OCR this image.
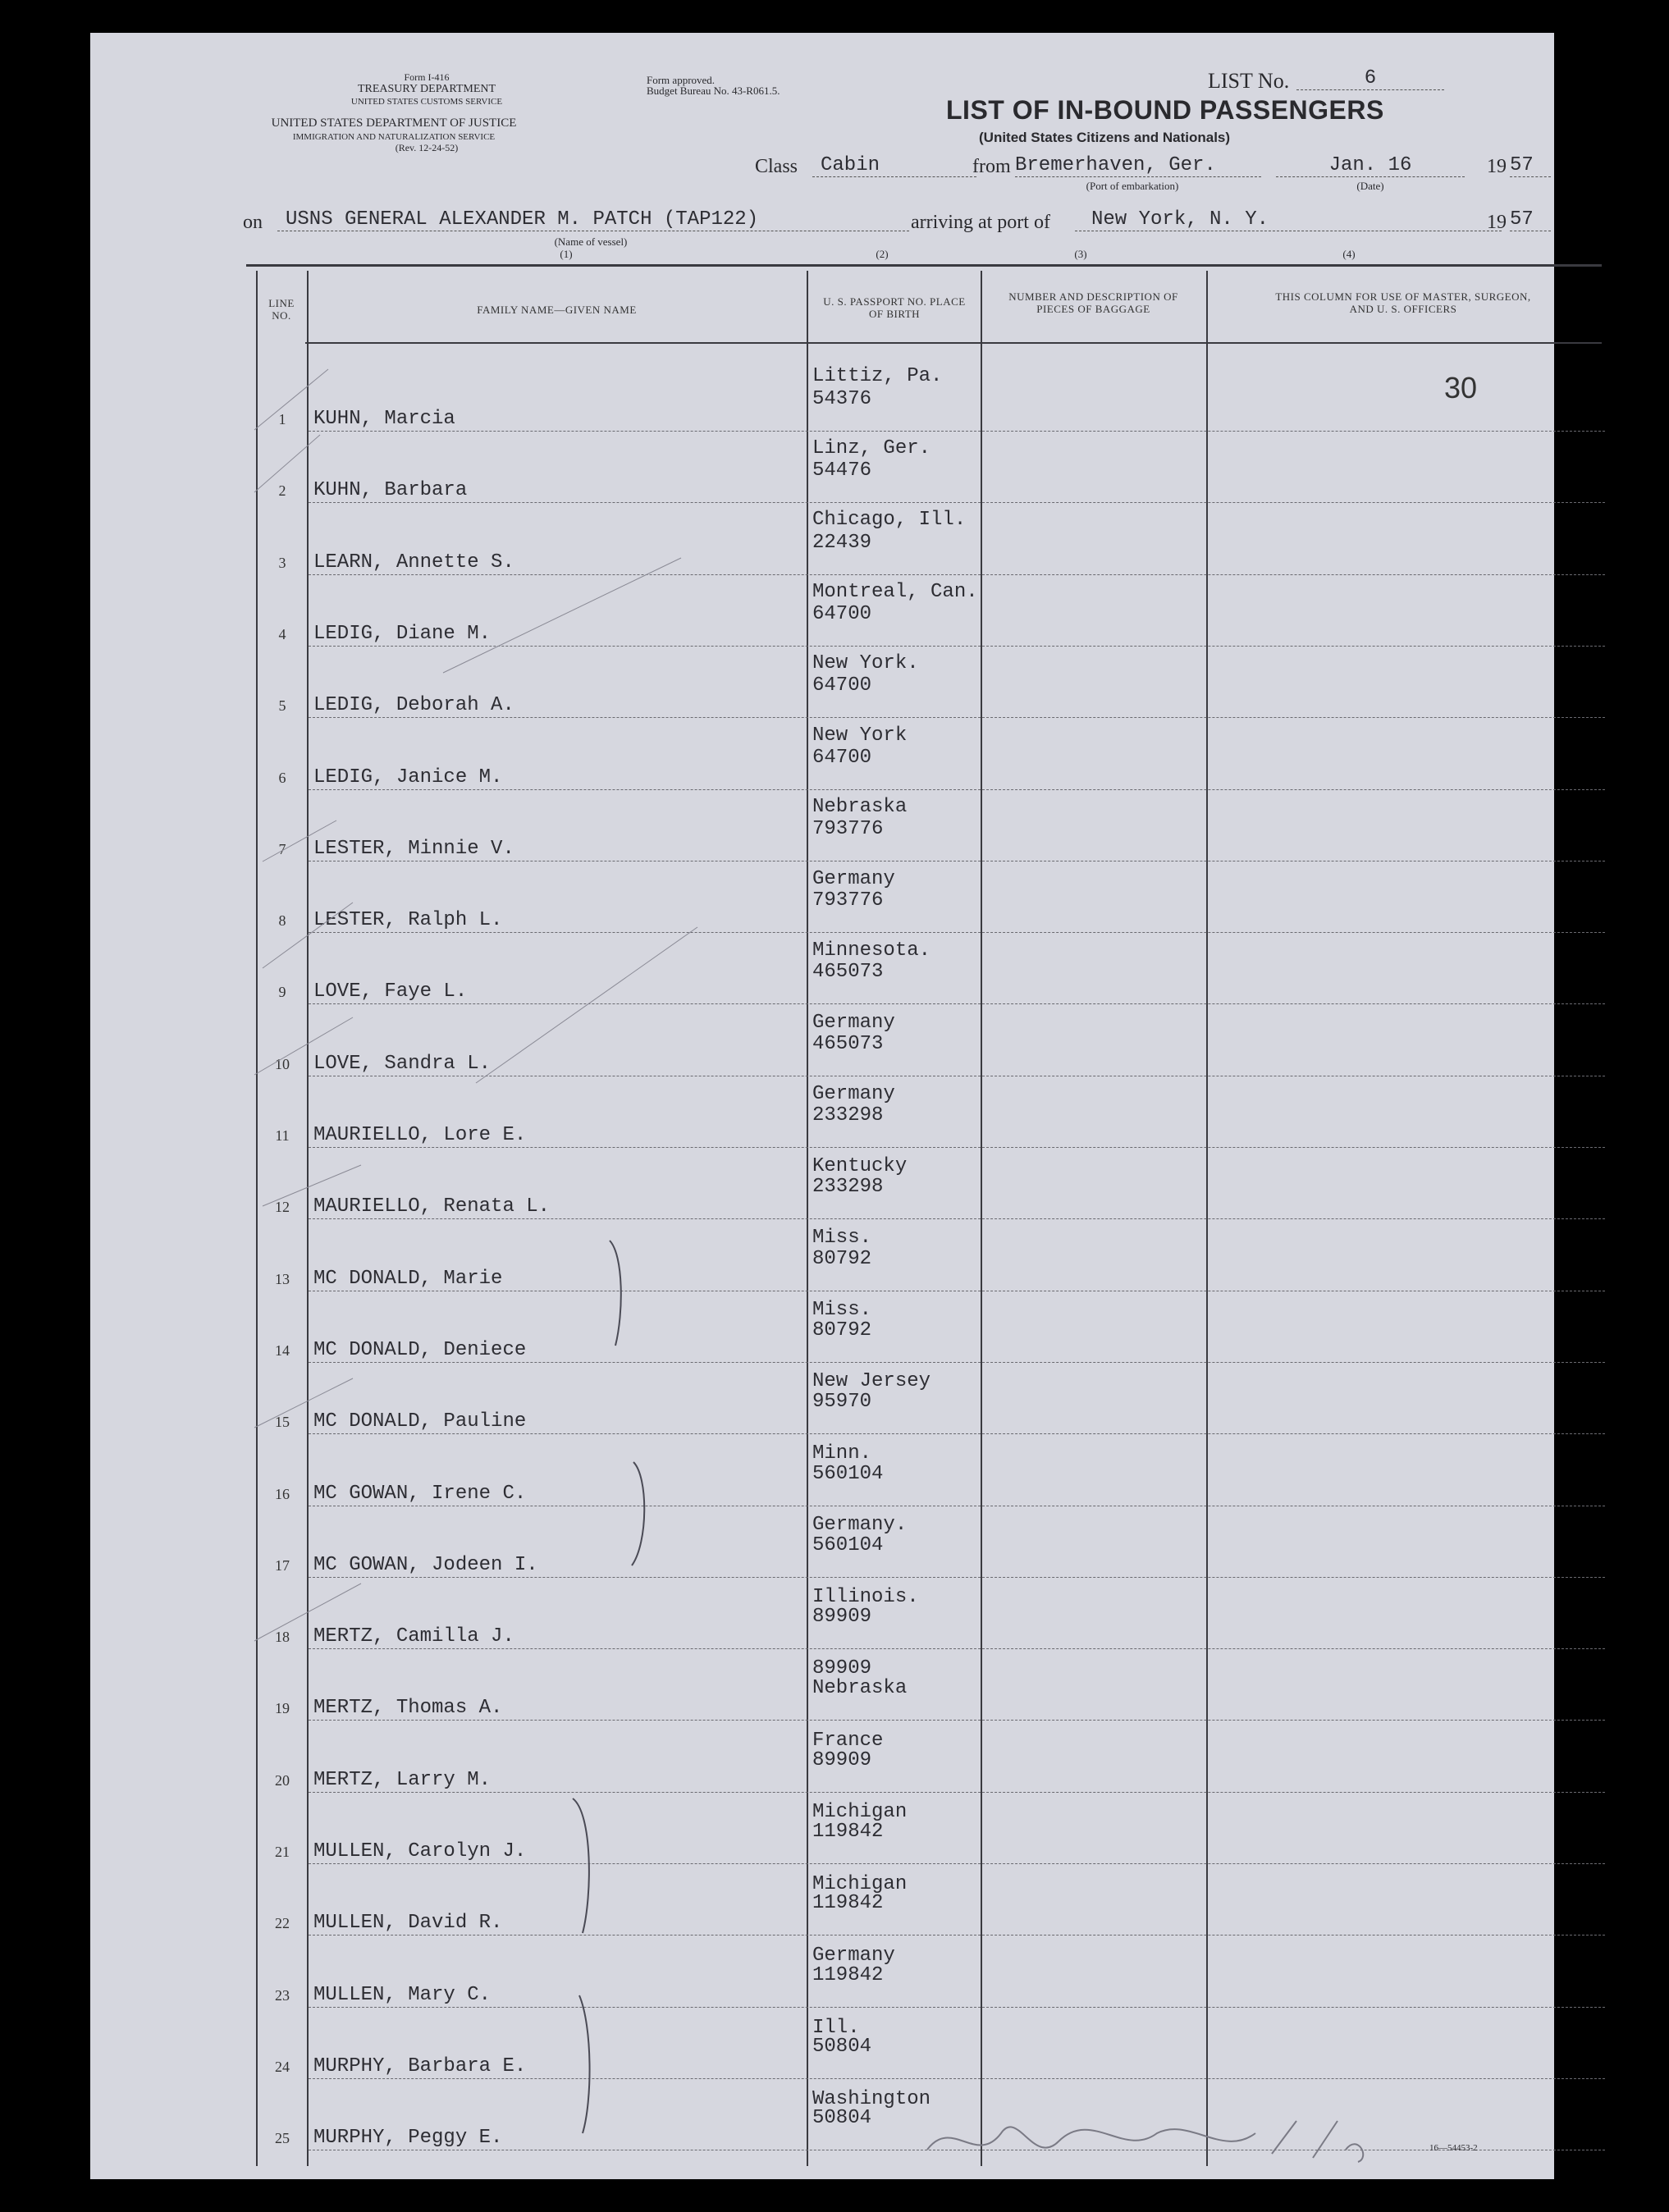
Form I-416
TREASURY DEPARTMENT
UNITED STATES CUSTOMS SERVICE
UNITED STATES DEPARTMENT OF JUSTICE
IMMIGRATION AND NATURALIZATION SERVICE
(Rev. 12-24-52)
Form approved.
Budget Bureau No. 43-R061.5.	LIST No.	6
LIST OF IN-BOUND PASSENGERS
(United States Citizens and Nationals)
Class	Cabin	from Bremerhaven, Ger.
(Port of embarkation)
Jan. 16
(Date)
19 57
on	USNS GENERAL ALEXANDER M. PATCH (TAP122)
(Name of vessel)
arriving at port of	New York, N. Y.	19 57
(1)	(2)	(3)	(4)
LINE NO.	FAMILY NAME—GIVEN NAME
U. S. PASSPORT NO. PLACE OF BIRTH
NUMBER AND DESCRIPTION OF PIECES OF BAGGAGE
THIS COLUMN FOR USE OF MASTER, SURGEON, AND U. S. OFFICERS
30
1	KUHN, Marcia
Littiz, Pa.
54376
2	KUHN, Barbara
Linz, Ger.
54476
3	LEARN, Annette S.
Chicago, Ill.
22439
4	LEDIG, Diane M.
Montreal, Can.
64700
5	LEDIG, Deborah A.
New York.
64700
6	LEDIG, Janice M.
New York
64700
7	LESTER, Minnie V.
Nebraska
793776
8	LESTER, Ralph L.
Germany
793776
9	LOVE, Faye L.
Minnesota.
465073
10	LOVE, Sandra L.
Germany
465073
11	MAURIELLO, Lore E.
Germany
233298
12	MAURIELLO, Renata L.
Kentucky
233298
13	MC DONALD, Marie
Miss.
80792
14	MC DONALD, Deniece
Miss.
80792
15	MC DONALD, Pauline
New Jersey
95970
16	MC GOWAN, Irene C.
Minn.
560104
17	MC GOWAN, Jodeen I.
Germany.
560104
18	MERTZ, Camilla J.
Illinois.
89909
19	MERTZ, Thomas A.
89909
Nebraska
20	MERTZ, Larry M.
France
89909
21	MULLEN, Carolyn J.
Michigan
119842
22	MULLEN, David R.
Michigan
119842
23	MULLEN, Mary C.
Germany
119842
24	MURPHY, Barbara E.
Ill.
50804
25	MURPHY, Peggy E.
Washington
50804
16—54453-2
